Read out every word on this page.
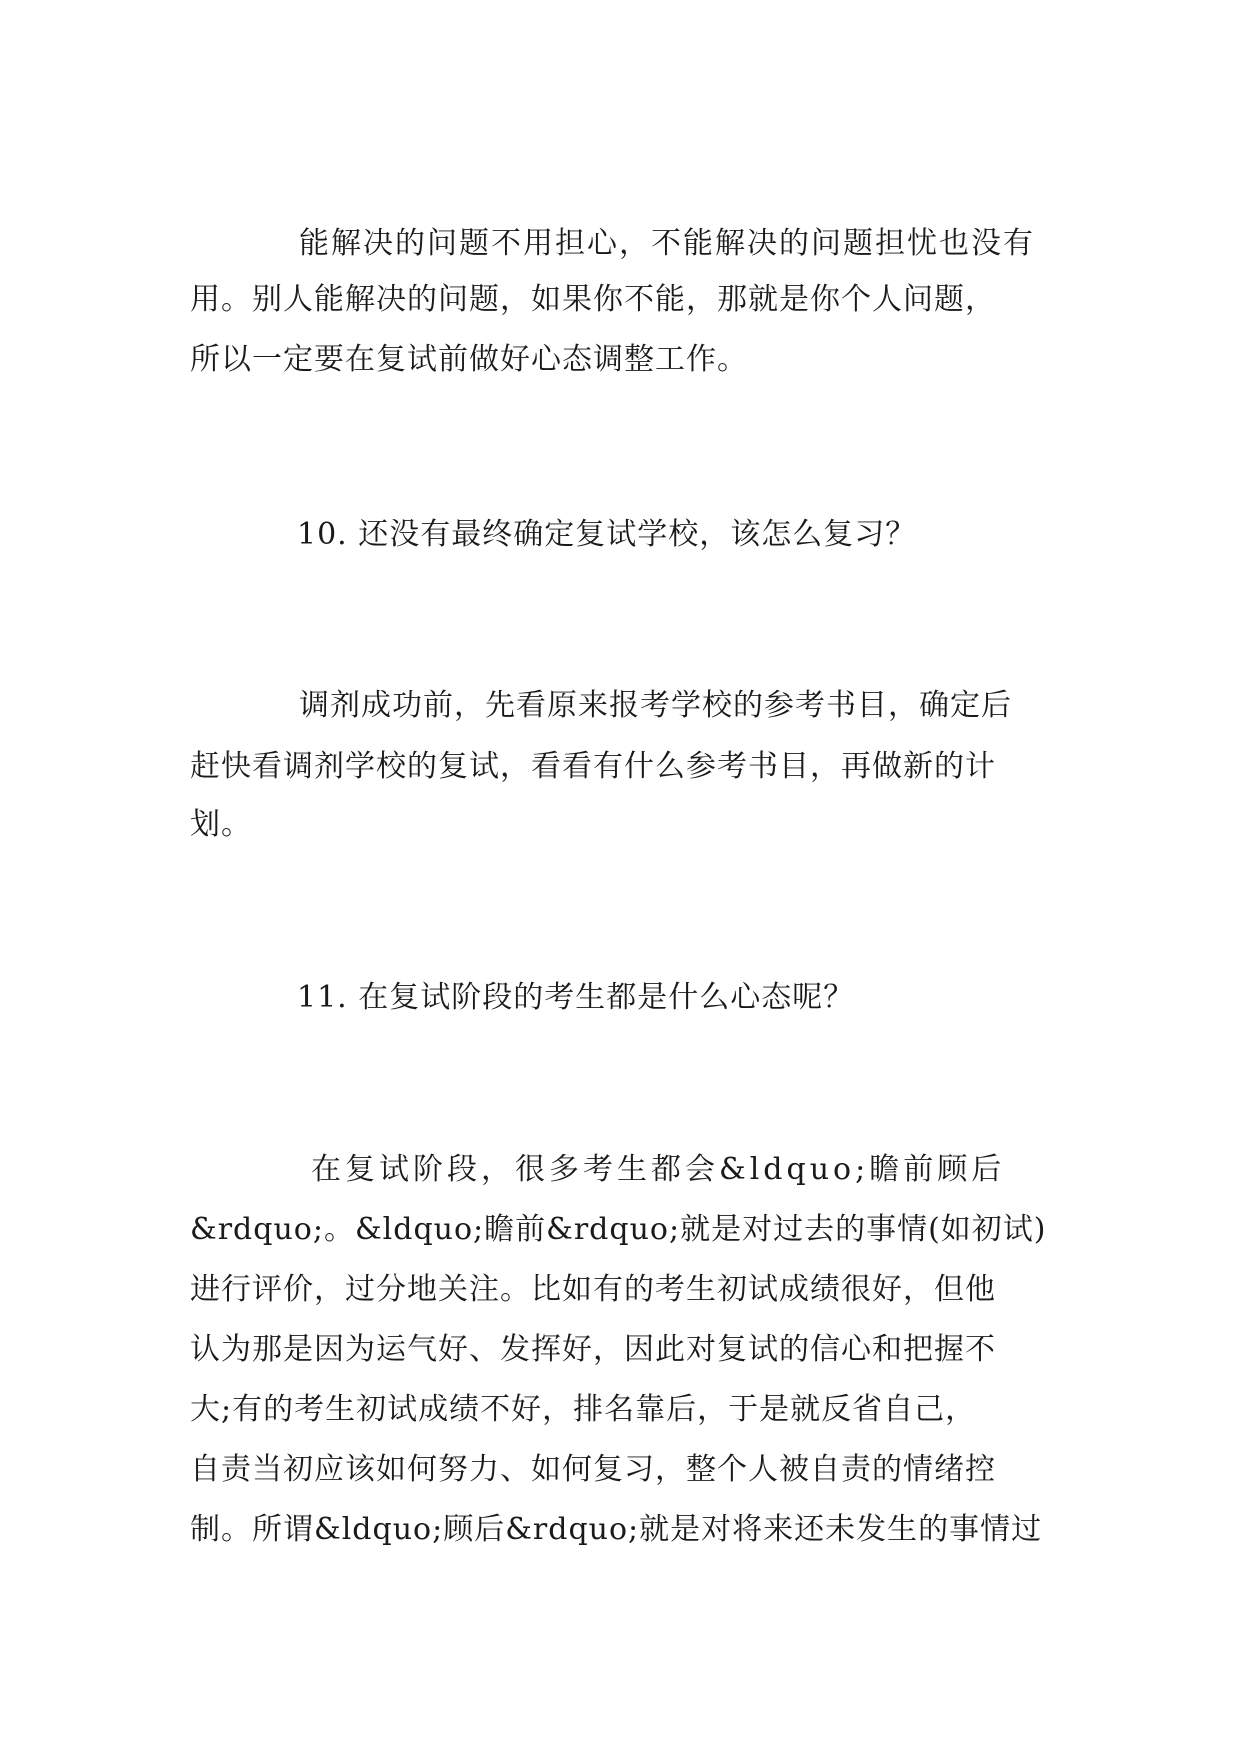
能解决的问题不用担心，不能解决的问题担忧也没有
用。别人能解决的问题，如果你不能，那就是你个人问题，
所以一定要在复试前做好心态调整工作。
10. 还没有最终确定复试学校，该怎么复习？
调剂成功前，先看原来报考学校的参考书目，确定后
赶快看调剂学校的复试，看看有什么参考书目，再做新的计
划。
11. 在复试阶段的考生都是什么心态呢？
在复试阶段，很多考生都会&ldquo;瞻前顾后
&rdquo;。&ldquo;瞻前&rdquo;就是对过去的事情(如初试)
进行评价，过分地关注。比如有的考生初试成绩很好，但他
认为那是因为运气好、发挥好，因此对复试的信心和把握不
大;有的考生初试成绩不好，排名靠后，于是就反省自己，
自责当初应该如何努力、如何复习，整个人被自责的情绪控
制。所谓&ldquo;顾后&rdquo;就是对将来还未发生的事情过
